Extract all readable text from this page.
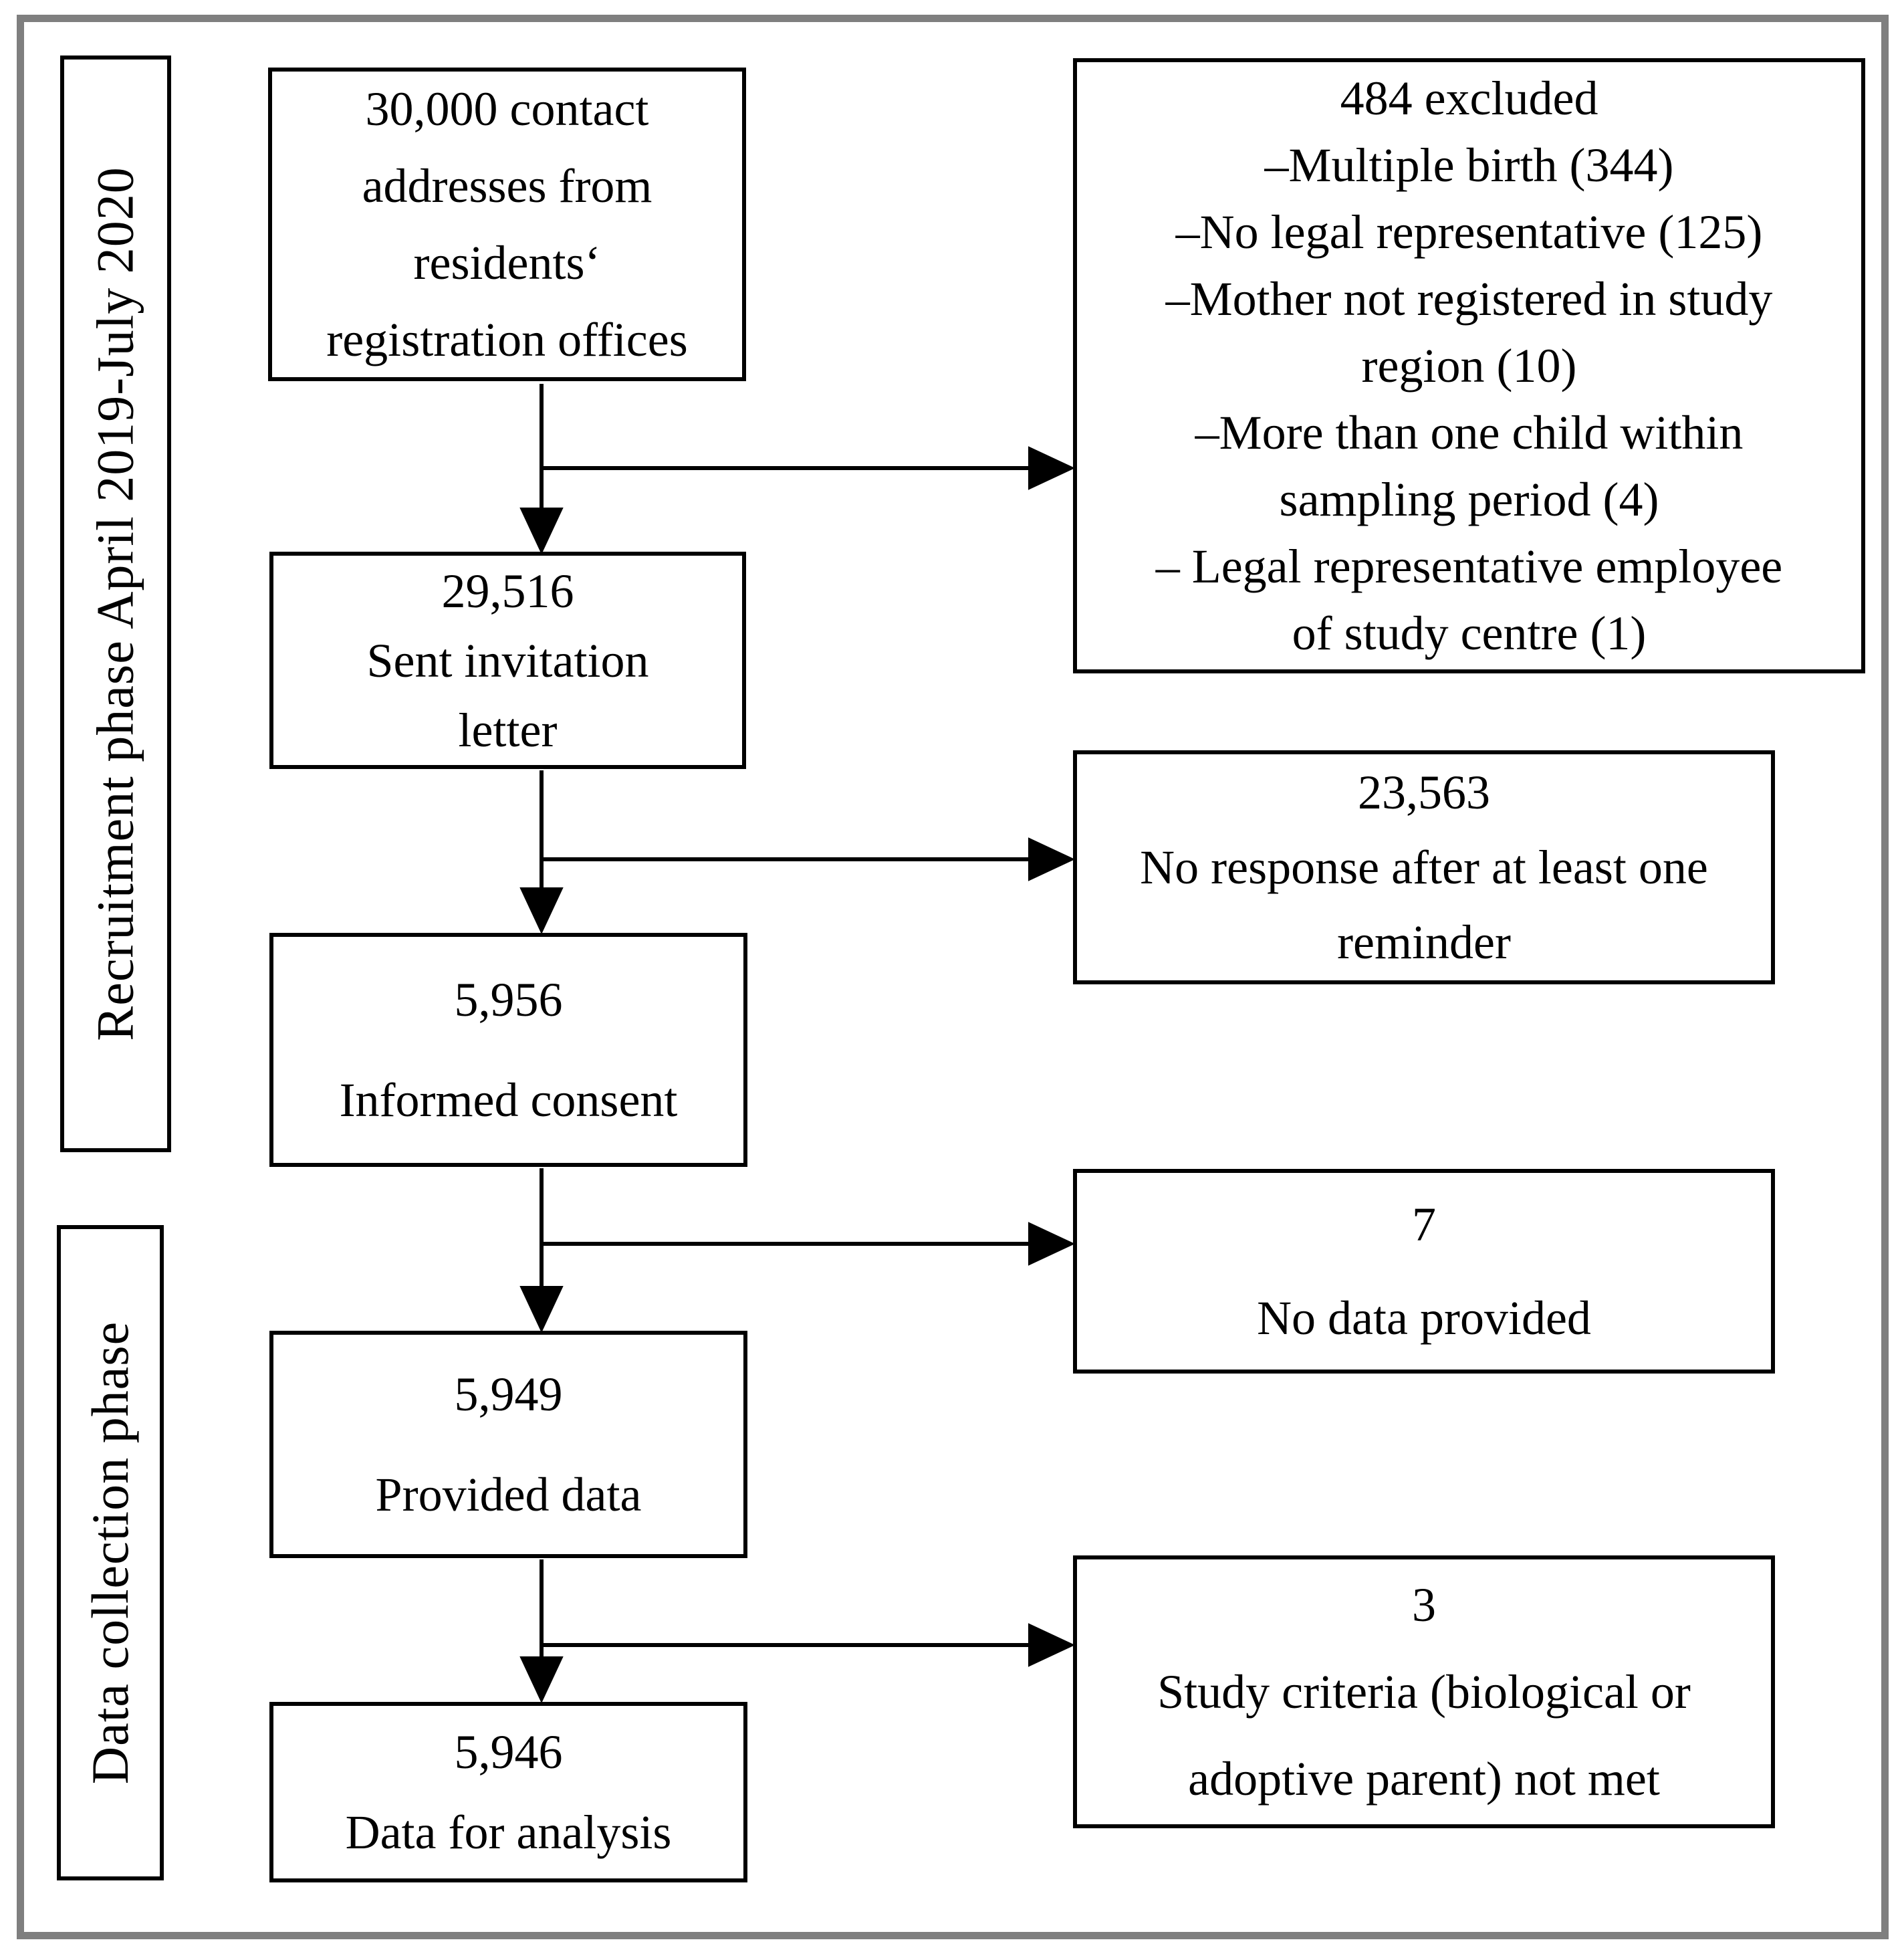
Recruitment phase April 2019-July 2020
Data collection phase
30,000 contact
addresses from
residents‘
registration offices
29,516
Sent invitation
letter
5,956
Informed consent
5,949
Provided data
5,946
Data for analysis
484 excluded
–Multiple birth (344)
–No legal representative (125)
–Mother not registered in study
region (10)
–More than one child within
sampling period (4)
– Legal representative employee
of study centre (1)
23,563
No response after at least one
reminder
7
No data provided
3
Study criteria (biological or
adoptive parent) not met
